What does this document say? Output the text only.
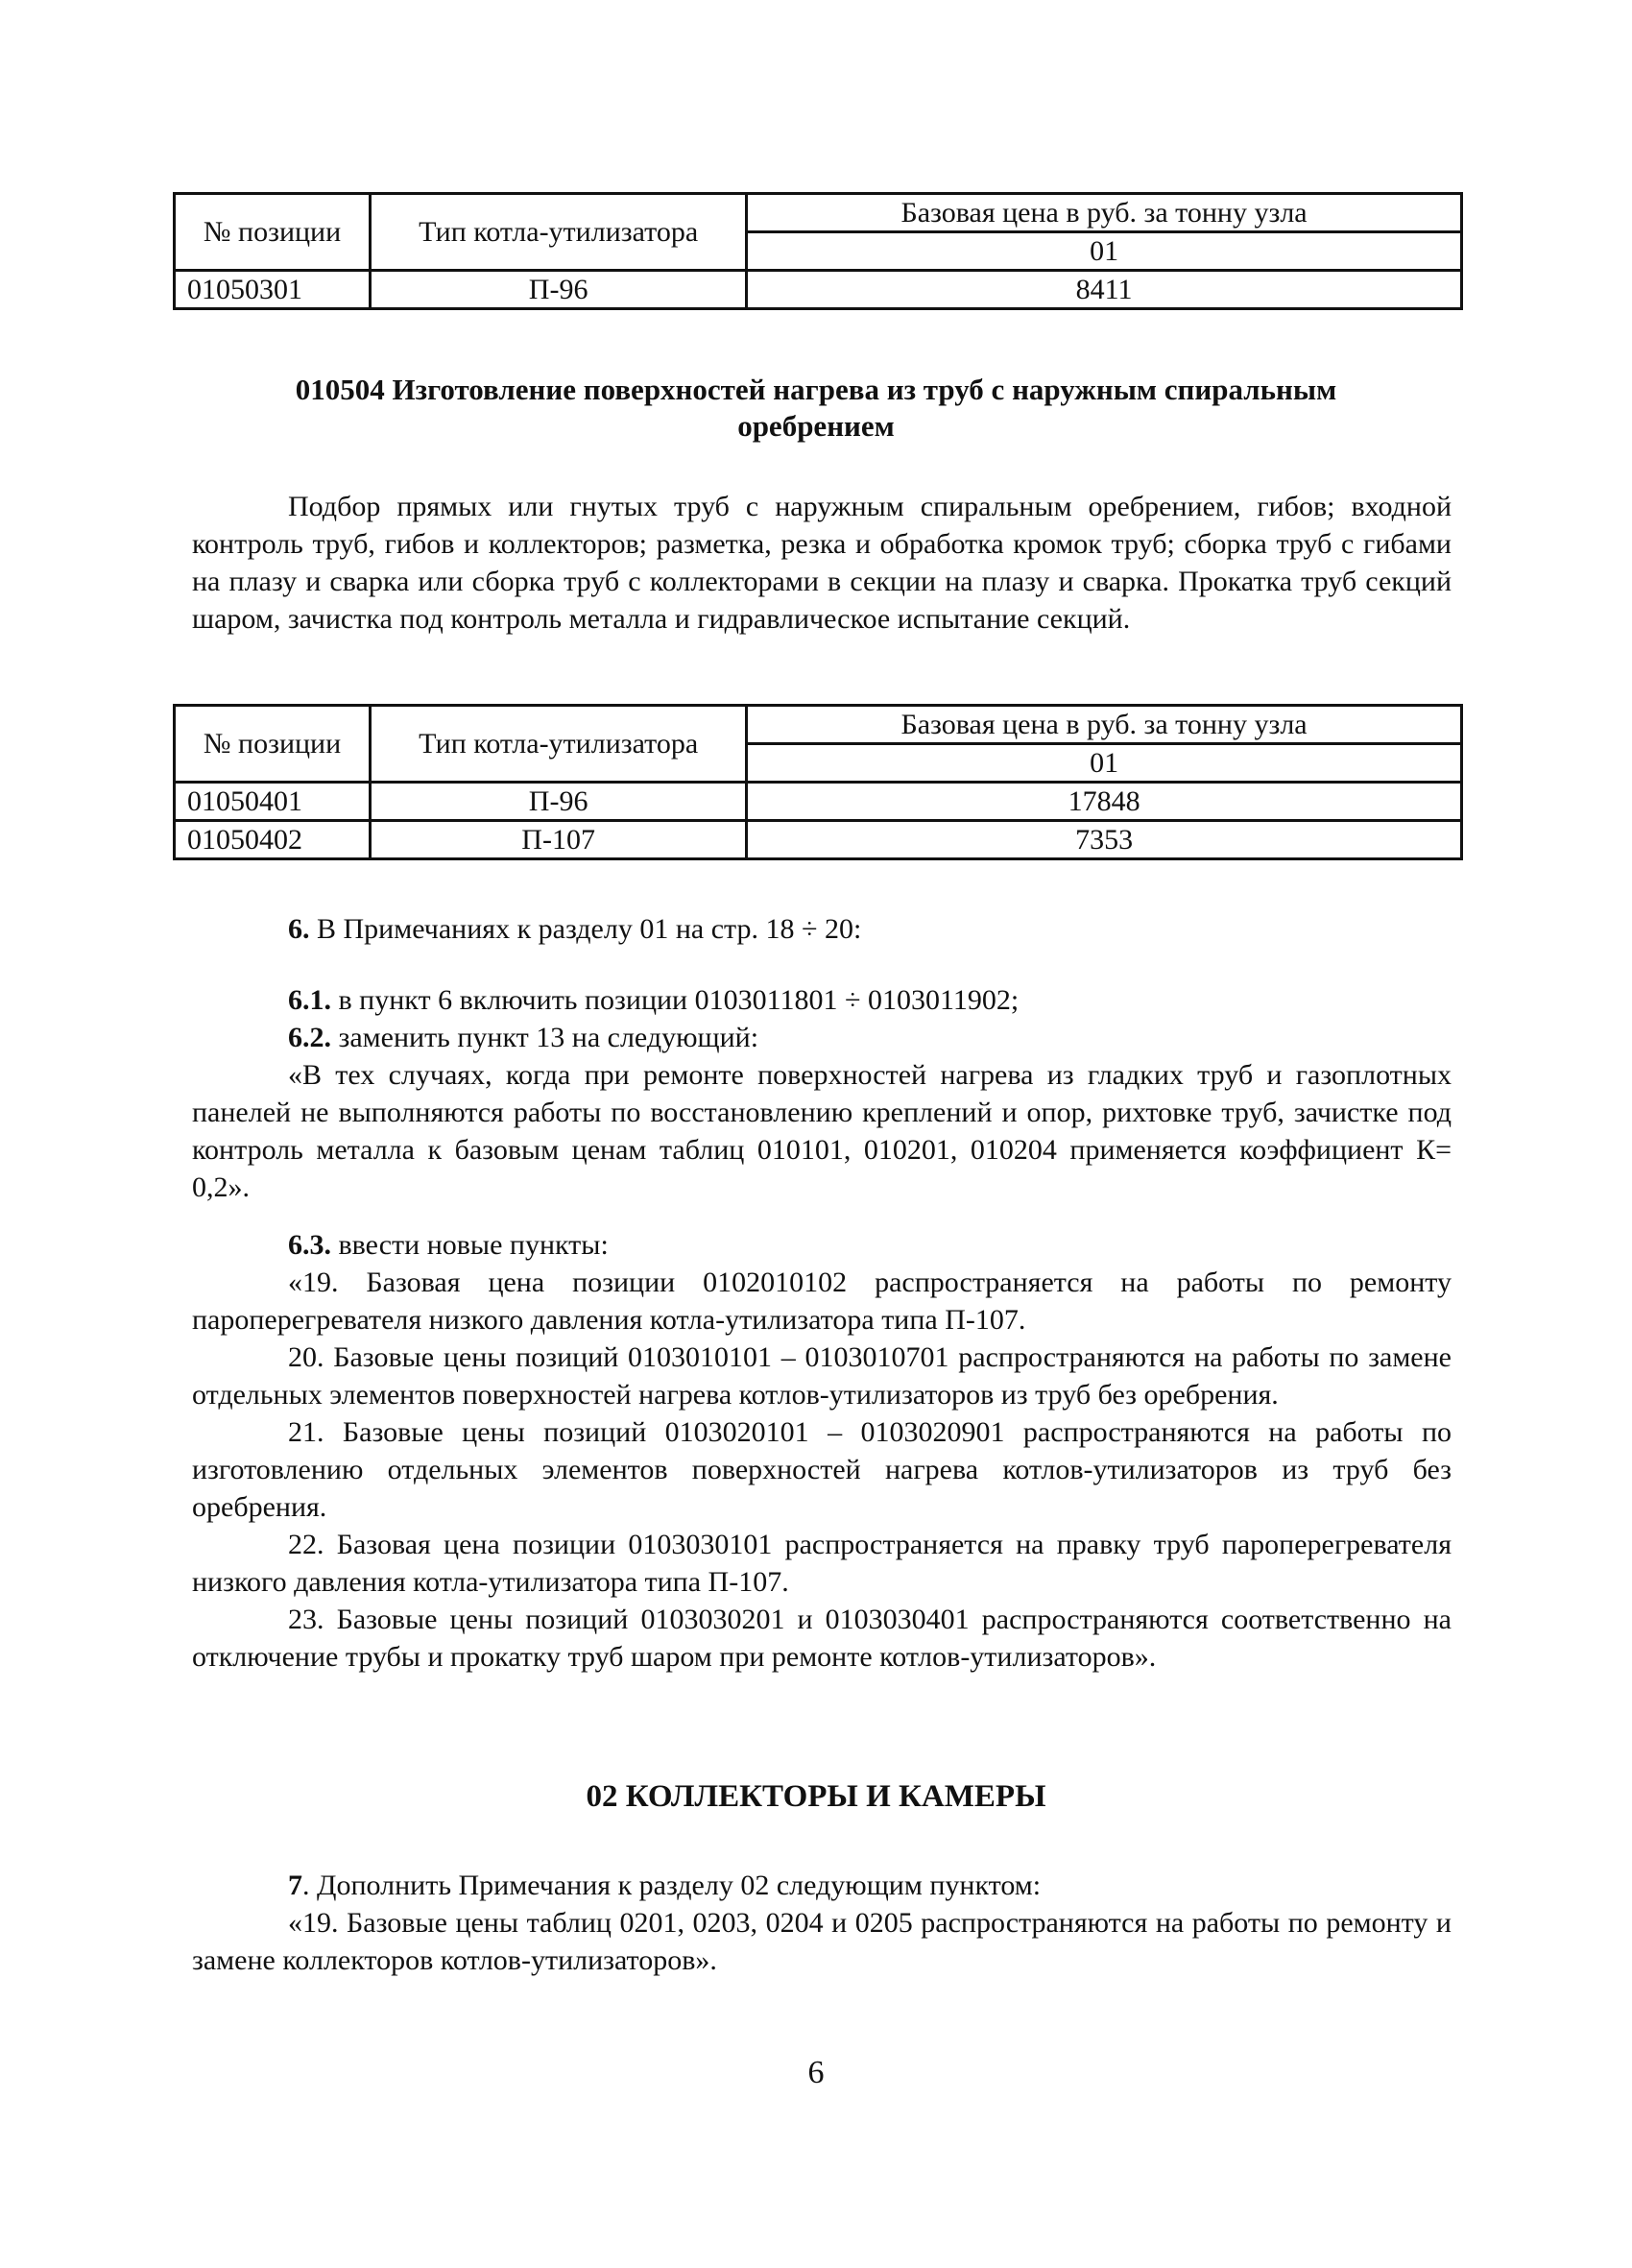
№ позиции	Тип котла-утилизатора	Базовая цена в руб. за тонну узла
		01
01050301	П-96	8411
010504 Изготовление поверхностей нагрева из труб с наружным спиральным
оребрением

Подбор прямых или гнутых труб с наружным спиральным оребрением, гибов; входной контроль труб, гибов и коллекторов; разметка, резка и обработка кромок труб; сборка труб с гибами на плазу и сварка или сборка труб с коллекторами в секции на плазу и сварка. Прокатка труб секций шаром, зачистка под контроль металла и гидравлическое испытание секций.

№ позиции	Тип котла-утилизатора	Базовая цена в руб. за тонну узла
		01
01050401	П-96	17848
01050402	П-107	7353
6. В Примечаниях к разделу 01 на стр. 18 ÷ 20:
6.1. в пункт 6 включить позиции 0103011801 ÷ 0103011902;
6.2. заменить пункт 13 на следующий:

«В тех случаях, когда при ремонте поверхностей нагрева из гладких труб и газоплотных панелей не выполняются работы по восстановлению креплений и опор, рихтовке труб, зачистке под контроль металла к базовым ценам таблиц 010101, 010201, 010204 применяется коэффициент К= 0,2».

6.3. ввести новые пункты:

«19. Базовая цена позиции 0102010102 распространяется на работы по ремонту пароперегревателя низкого давления котла-утилизатора типа П-107.

20. Базовые цены позиций 0103010101 – 0103010701 распространяются на работы по замене отдельных элементов поверхностей нагрева котлов-утилизаторов из труб без оребрения.

21. Базовые цены позиций 0103020101 – 0103020901 распространяются на работы по изготовлению отдельных элементов поверхностей нагрева котлов-утилизаторов из труб без оребрения.

22. Базовая цена позиции 0103030101 распространяется на правку труб пароперегревателя низкого давления котла-утилизатора типа П-107.

23. Базовые цены позиций 0103030201 и 0103030401 распространяются соответственно на отключение трубы и прокатку труб шаром при ремонте котлов-утилизаторов».

02 КОЛЛЕКТОРЫ И КАМЕРЫ
7. Дополнить Примечания к разделу 02 следующим пунктом:

«19. Базовые цены таблиц 0201, 0203, 0204 и 0205 распространяются на работы по ремонту и замене коллекторов котлов-утилизаторов».

6
